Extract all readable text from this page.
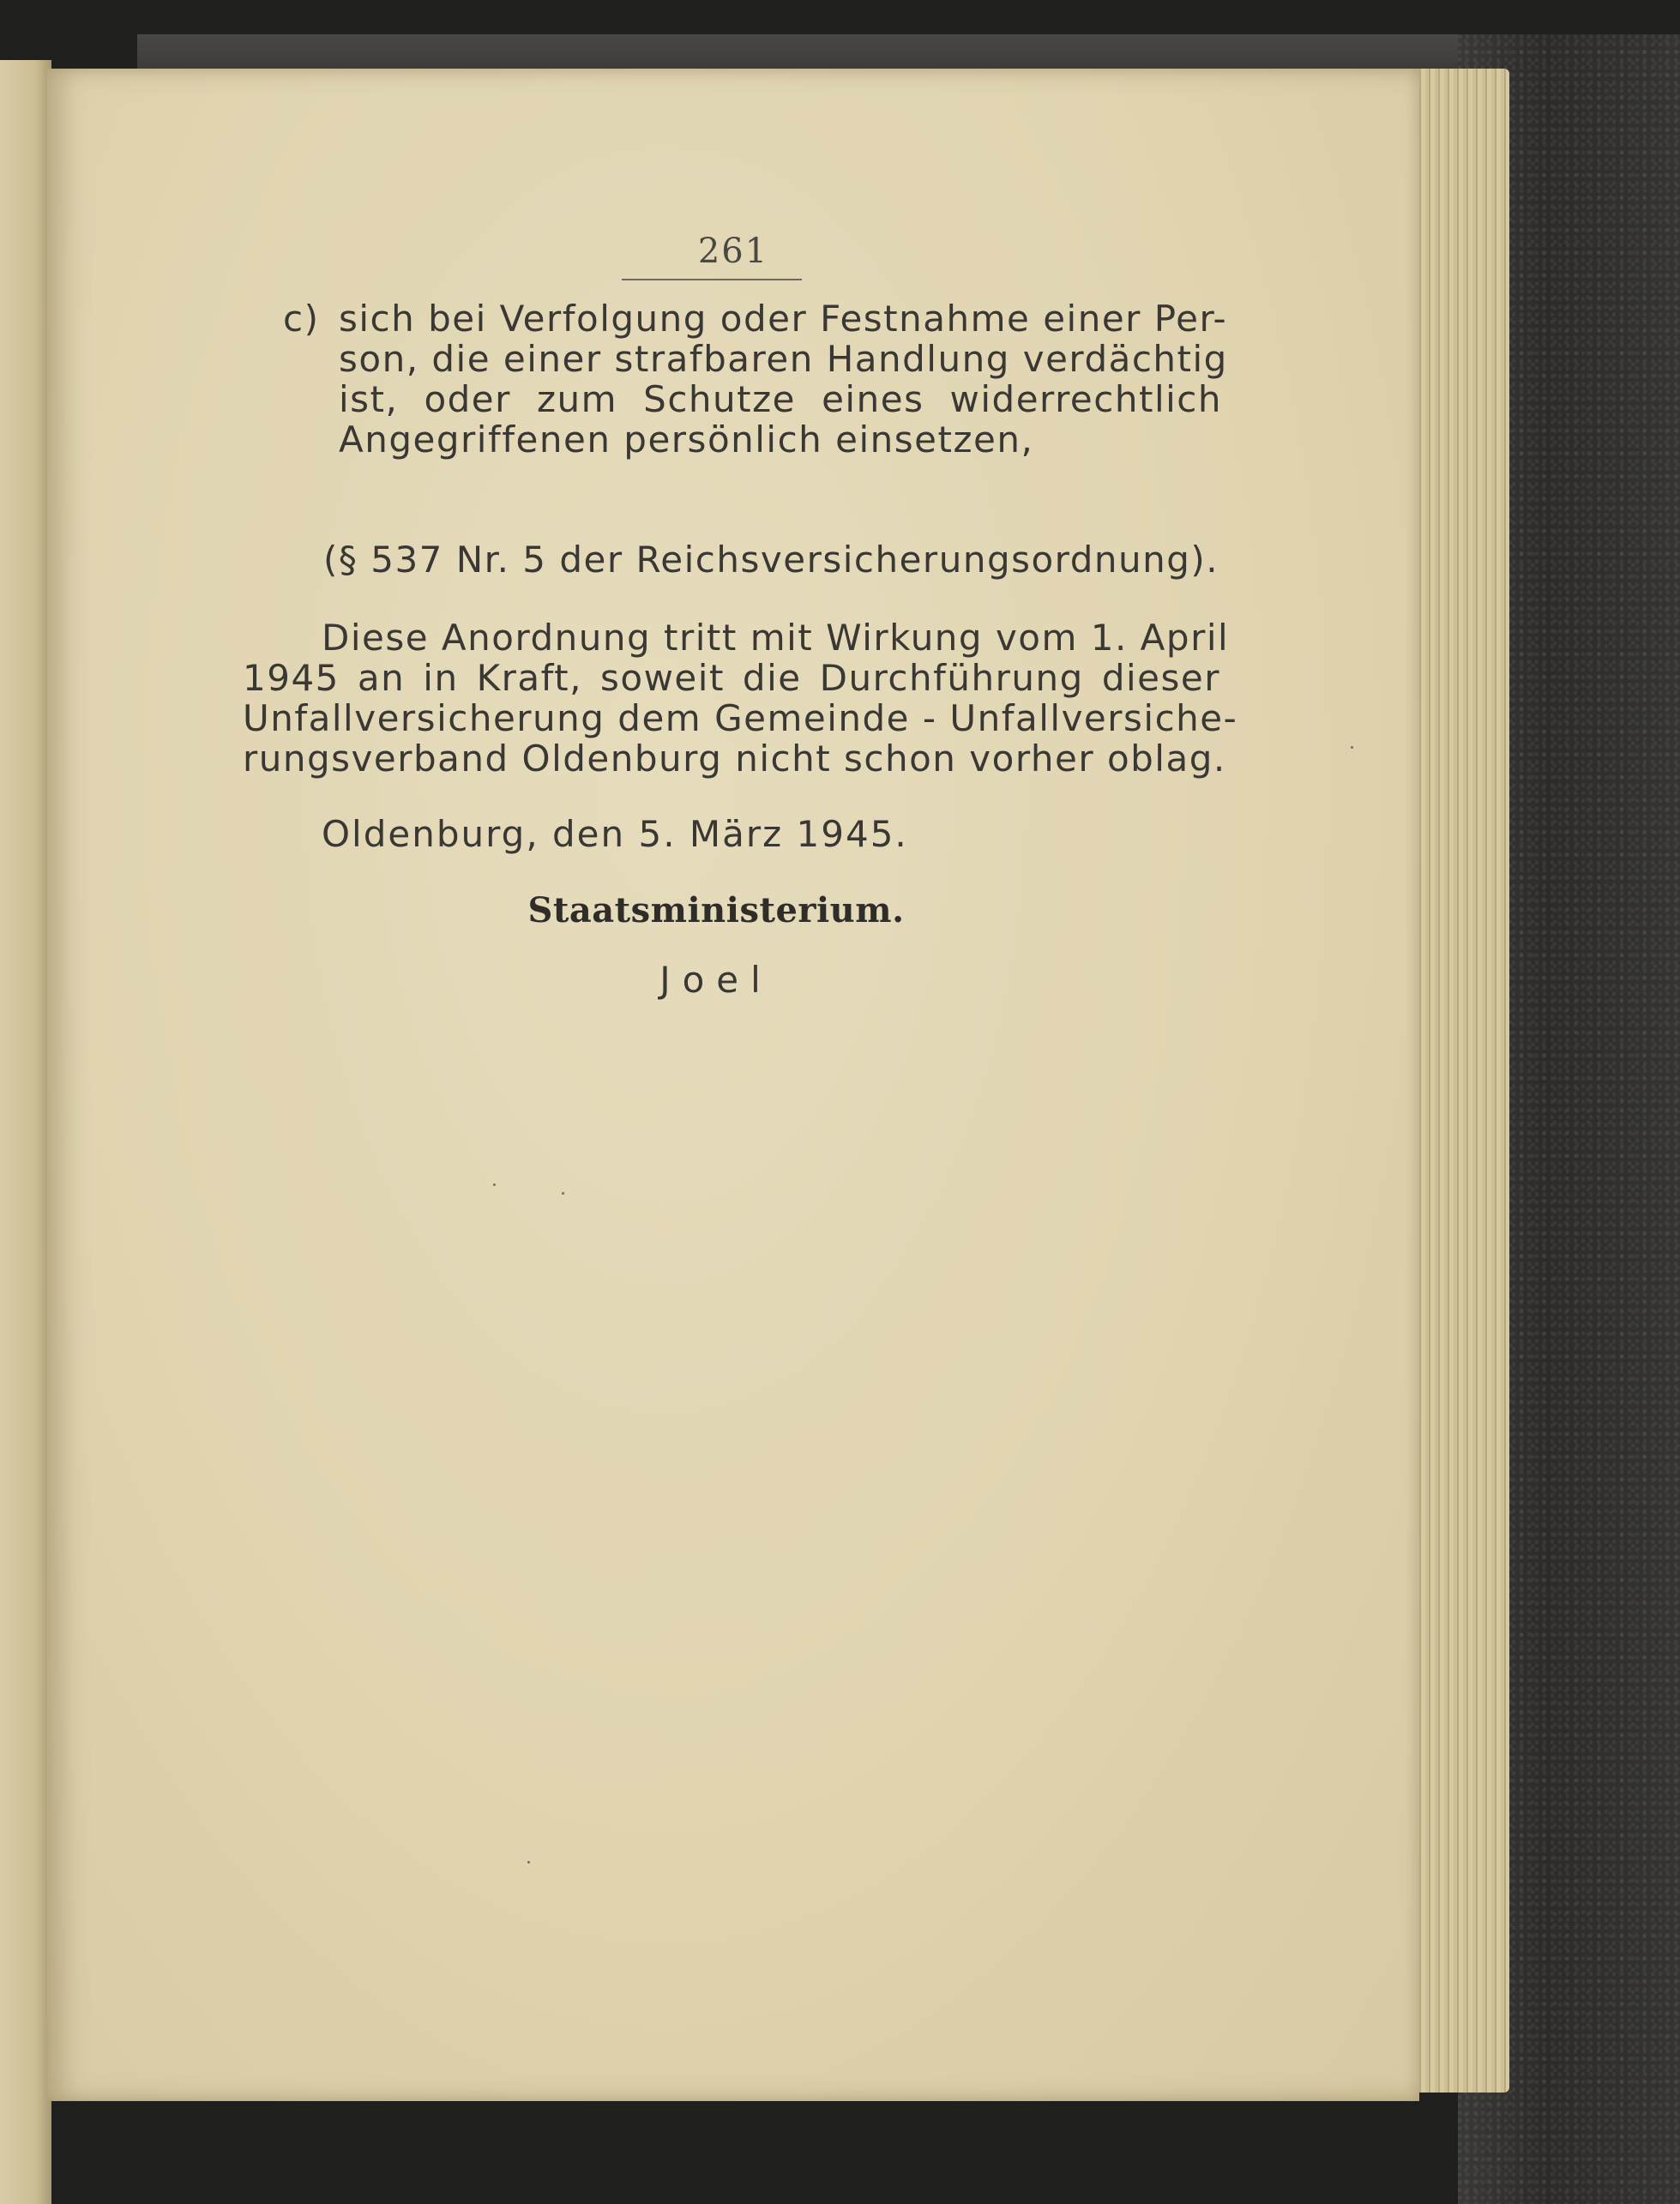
261
c) sich bei Verfolgung oder Festnahme einer Per-
son, die einer strafbaren Handlung verdächtig
ist, oder zum Schutze eines widerrechtlich
Angegriffenen persönlich einsetzen,
(§ 537 Nr. 5 der Reichsversicherungsordnung).
Diese Anordnung tritt mit Wirkung vom 1. April
1945 an in Kraft, soweit die Durchführung dieser
Unfallversicherung dem Gemeinde - Unfallversiche-
rungsverband Oldenburg nicht schon vorher oblag.
Oldenburg, den 5. März 1945.
Staatsministerium.
Joel
